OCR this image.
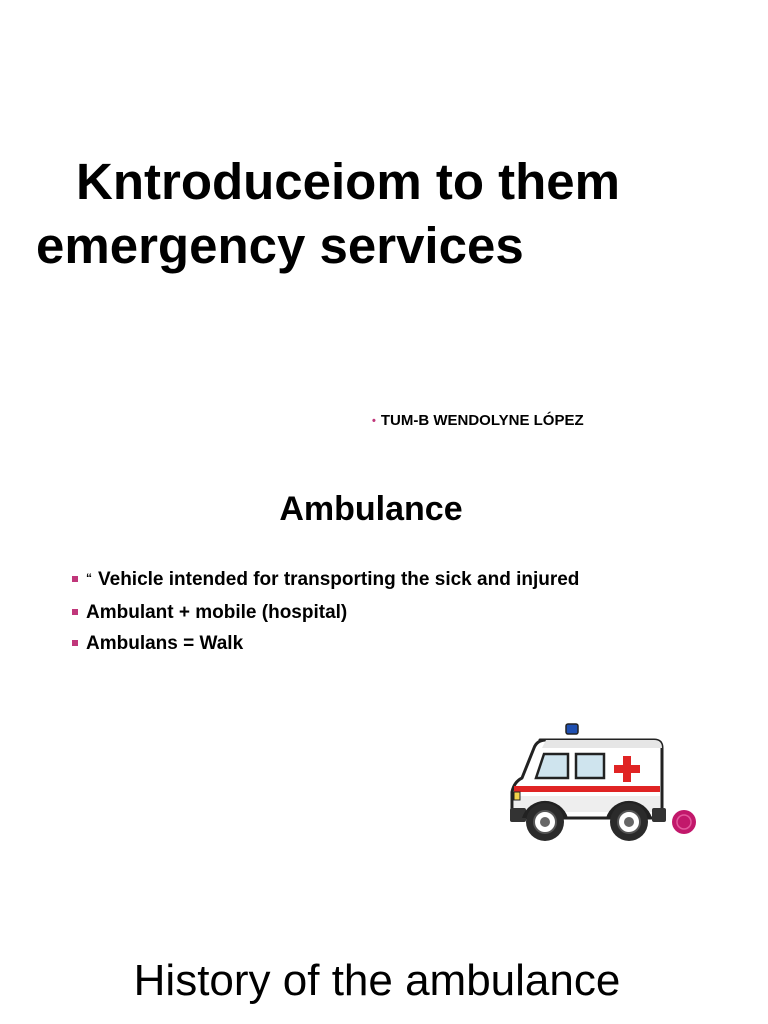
Kntroduceiom to them
emergency services
• TUM-B WENDOLYNE LÓPEZ
Ambulance
“ Vehicle intended for transporting the sick and injured
Ambulant + mobile (hospital)
Ambulans = Walk
History of the ambulance
